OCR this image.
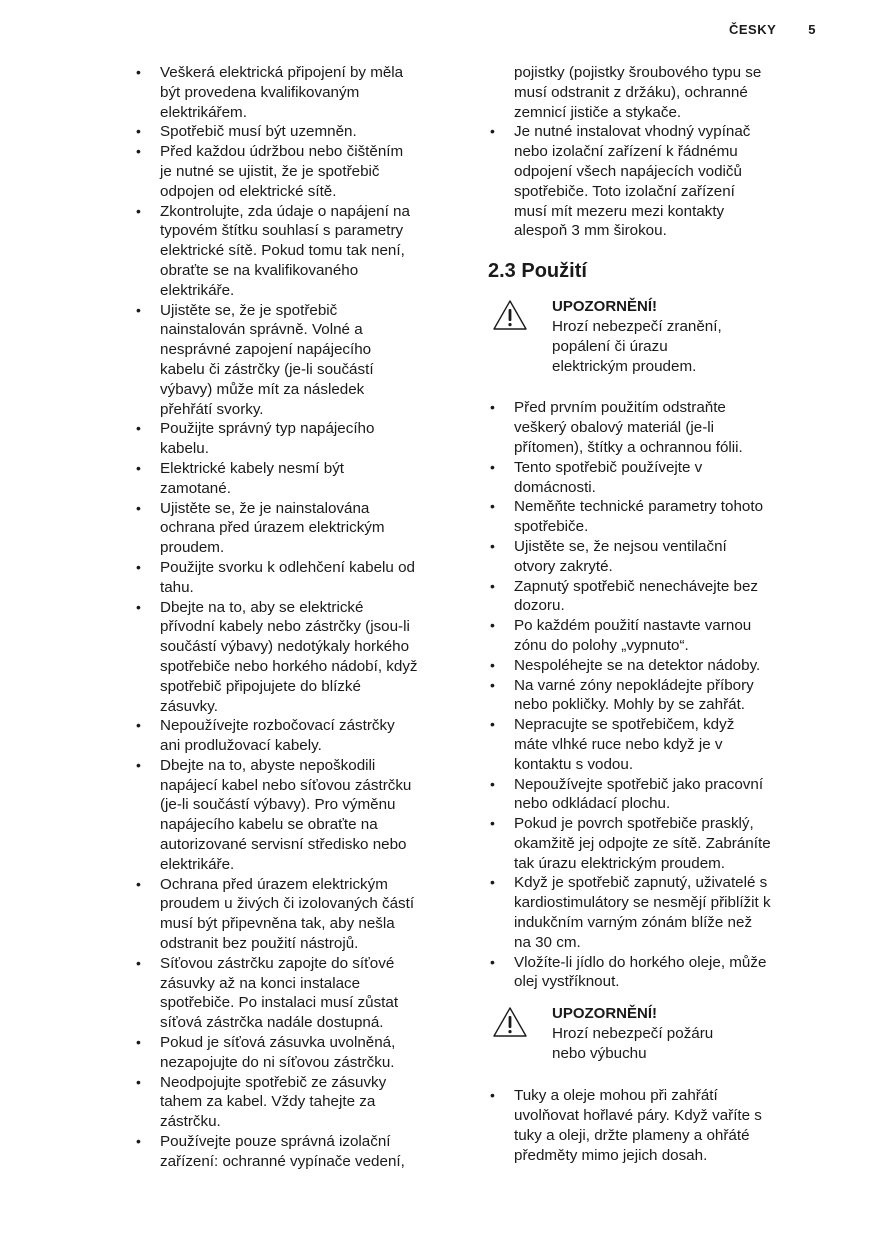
ČESKY 5
• Veškerá elektrická připojení by měla
být provedena kvalifikovaným
elektrikářem.
• Spotřebič musí být uzemněn.
• Před každou údržbou nebo čištěním
je nutné se ujistit, že je spotřebič
odpojen od elektrické sítě.
• Zkontrolujte, zda údaje o napájení na
typovém štítku souhlasí s parametry
elektrické sítě. Pokud tomu tak není,
obraťte se na kvalifikovaného
elektrikáře.
• Ujistěte se, že je spotřebič
nainstalován správně. Volné a
nesprávné zapojení napájecího
kabelu či zástrčky (je-li součástí
výbavy) může mít za následek
přehřátí svorky.
• Použijte správný typ napájecího
kabelu.
• Elektrické kabely nesmí být
zamotané.
• Ujistěte se, že je nainstalována
ochrana před úrazem elektrickým
proudem.
• Použijte svorku k odlehčení kabelu od
tahu.
• Dbejte na to, aby se elektrické
přívodní kabely nebo zástrčky (jsou-li
součástí výbavy) nedotýkaly horkého
spotřebiče nebo horkého nádobí, když
spotřebič připojujete do blízké
zásuvky.
• Nepoužívejte rozbočovací zástrčky
ani prodlužovací kabely.
• Dbejte na to, abyste nepoškodili
napájecí kabel nebo síťovou zástrčku
(je-li součástí výbavy). Pro výměnu
napájecího kabelu se obraťte na
autorizované servisní středisko nebo
elektrikáře.
• Ochrana před úrazem elektrickým
proudem u živých či izolovaných částí
musí být připevněna tak, aby nešla
odstranit bez použití nástrojů.
• Síťovou zástrčku zapojte do síťové
zásuvky až na konci instalace
spotřebiče. Po instalaci musí zůstat
síťová zástrčka nadále dostupná.
• Pokud je síťová zásuvka uvolněná,
nezapojujte do ni síťovou zástrčku.
• Neodpojujte spotřebič ze zásuvky
tahem za kabel. Vždy tahejte za
zástrčku.
• Používejte pouze správná izolační
zařízení: ochranné vypínače vedení,
pojistky (pojistky šroubového typu se
musí odstranit z držáku), ochranné
zemnicí jističe a stykače.
• Je nutné instalovat vhodný vypínač
nebo izolační zařízení k řádnému
odpojení všech napájecích vodičů
spotřebiče. Toto izolační zařízení
musí mít mezeru mezi kontakty
alespoň 3 mm širokou.
2.3 Použití
UPOZORNĚNÍ!
Hrozí nebezpečí zranění,
popálení či úrazu
elektrickým proudem.
• Před prvním použitím odstraňte
veškerý obalový materiál (je-li
přítomen), štítky a ochrannou fólii.
• Tento spotřebič používejte v
domácnosti.
• Neměňte technické parametry tohoto
spotřebiče.
• Ujistěte se, že nejsou ventilační
otvory zakryté.
• Zapnutý spotřebič nenechávejte bez
dozoru.
• Po každém použití nastavte varnou
zónu do polohy „vypnuto“.
• Nespoléhejte se na detektor nádoby.
• Na varné zóny nepokládejte příbory
nebo pokličky. Mohly by se zahřát.
• Nepracujte se spotřebičem, když
máte vlhké ruce nebo když je v
kontaktu s vodou.
• Nepoužívejte spotřebič jako pracovní
nebo odkládací plochu.
• Pokud je povrch spotřebiče prasklý,
okamžitě jej odpojte ze sítě. Zabráníte
tak úrazu elektrickým proudem.
• Když je spotřebič zapnutý, uživatelé s
kardiostimulátory se nesmějí přiblížit k
indukčním varným zónám blíže než
na 30 cm.
• Vložíte-li jídlo do horkého oleje, může
olej vystříknout.
UPOZORNĚNÍ!
Hrozí nebezpečí požáru
nebo výbuchu
• Tuky a oleje mohou při zahřátí
uvolňovat hořlavé páry. Když vaříte s
tuky a oleji, držte plameny a ohřáté
předměty mimo jejich dosah.
